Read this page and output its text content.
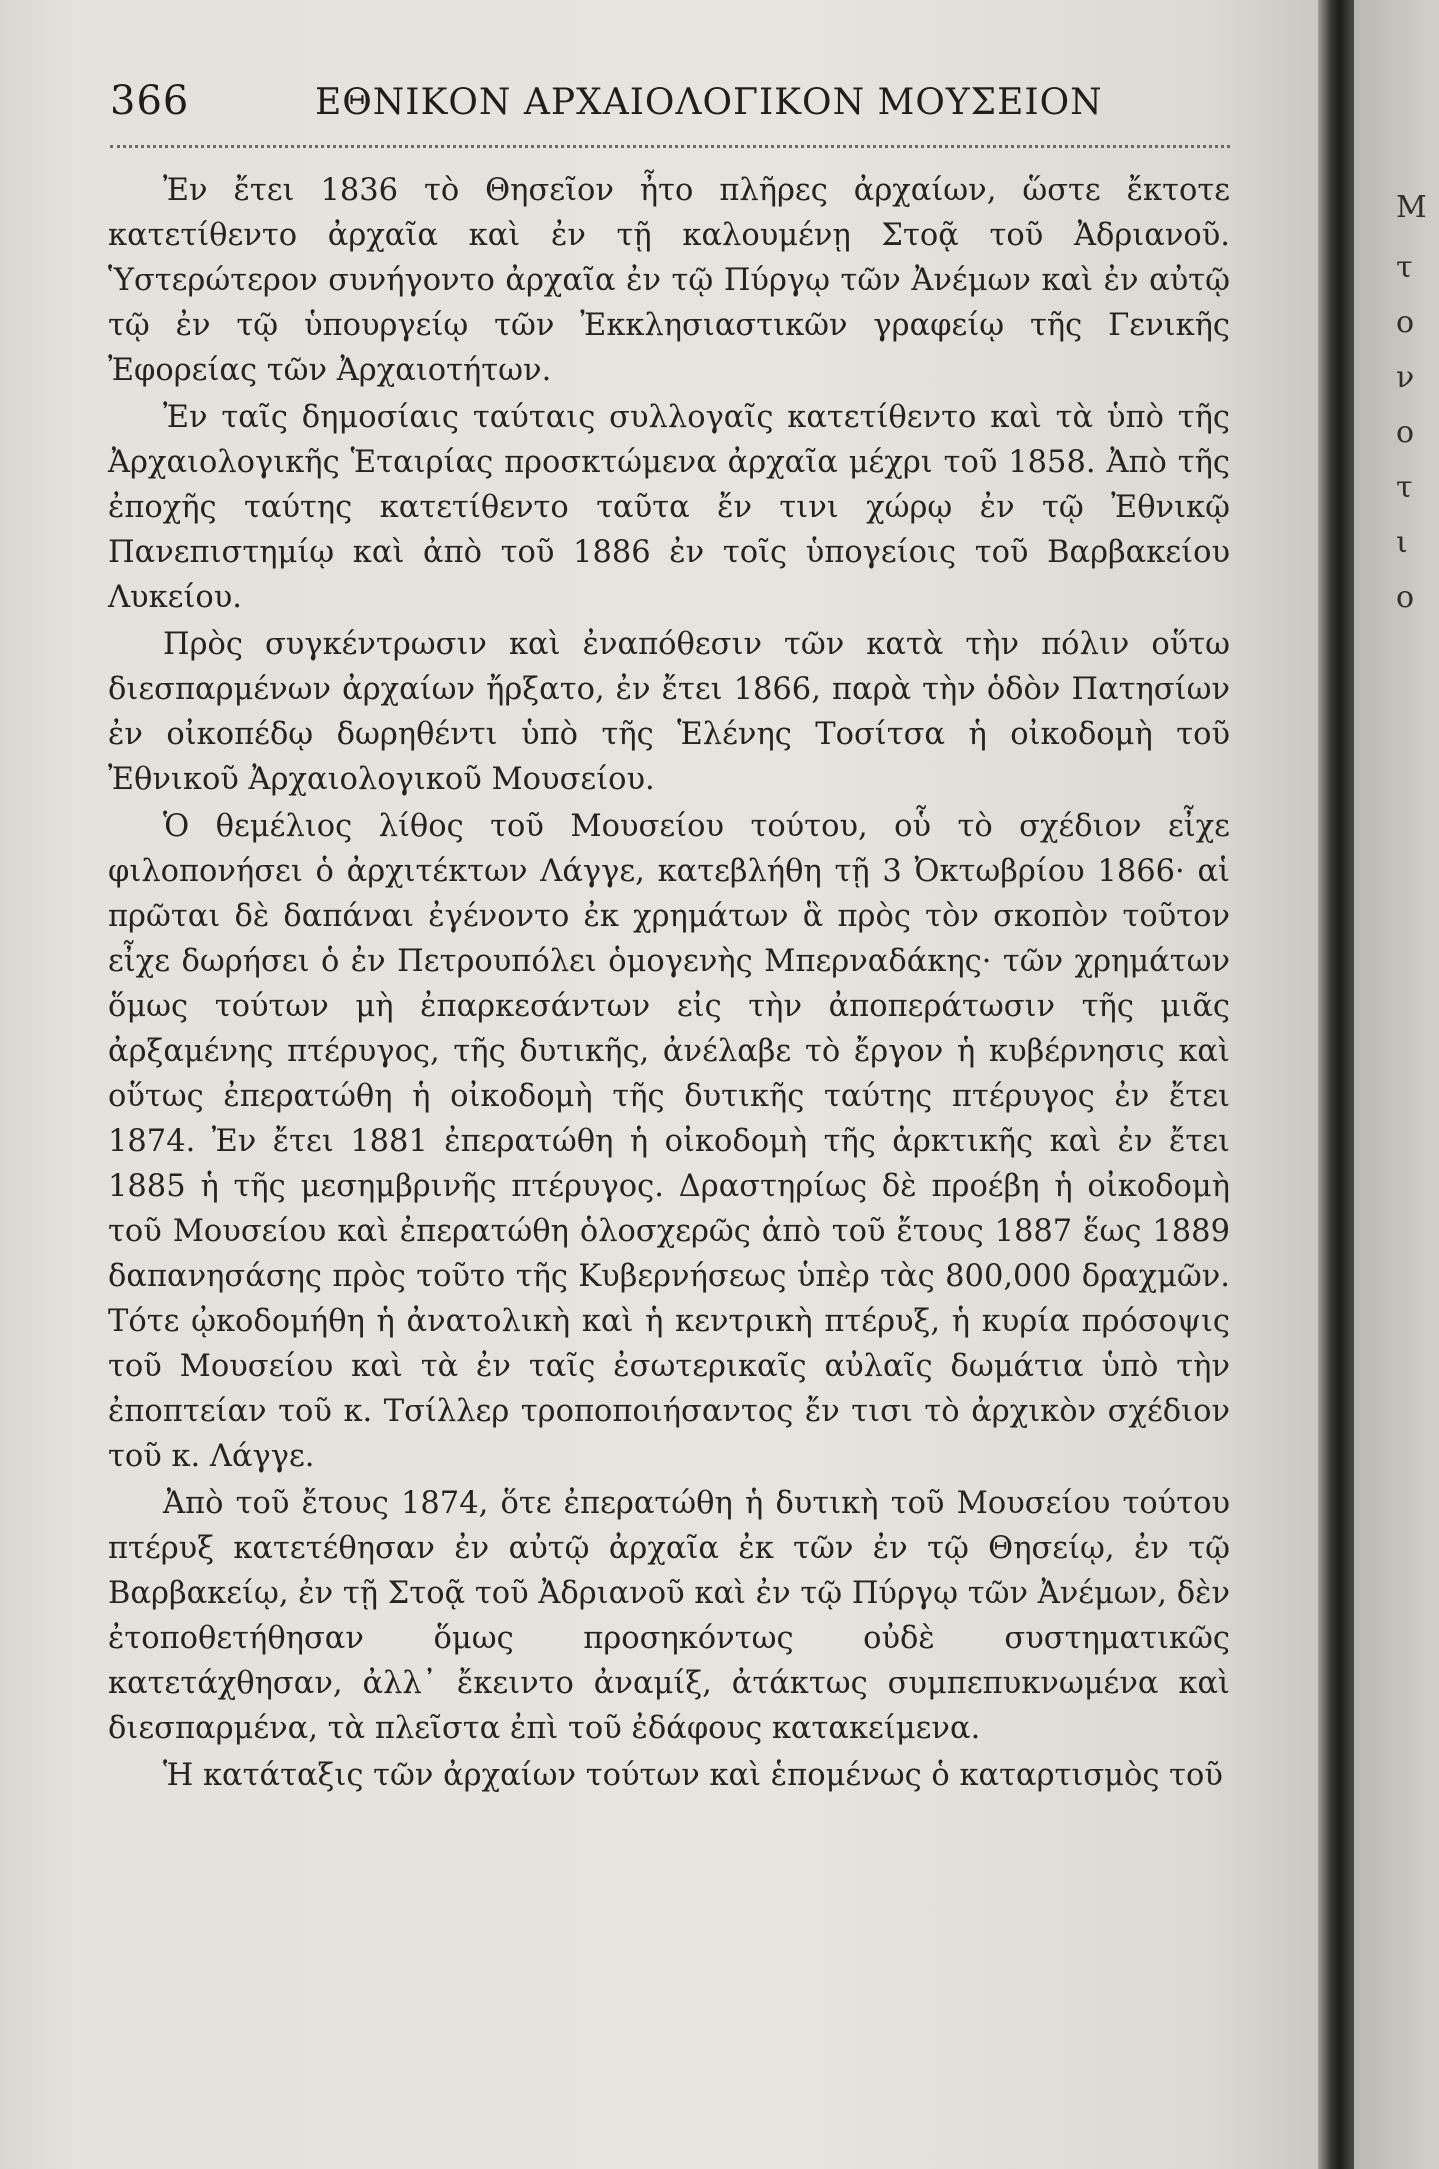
366	ΕΘΝΙΚΟΝ ΑΡΧΑΙΟΛΟΓΙΚΟΝ ΜΟΥΣΕΙΟΝ

Ἐν ἔτει 1836 τὸ Θησεῖον ἦτο πλῆρες ἀρχαίων, ὥστε ἔκτοτε κατετίθεντο ἀρχαῖα καὶ ἐν τῇ καλουμένῃ Στοᾷ τοῦ Ἀδριανοῦ. Ὑστερώτερον συνήγοντο ἀρχαῖα ἐν τῷ Πύργῳ τῶν Ἀνέμων καὶ ἐν αὐτῷ τῷ ἐν τῷ ὑπουργείῳ τῶν Ἐκκλησιαστικῶν γραφείῳ τῆς Γενικῆς Ἐφορείας τῶν Ἀρχαιοτήτων.

Ἐν ταῖς δημοσίαις ταύταις συλλογαῖς κατετίθεντο καὶ τὰ ὑπὸ τῆς Ἀρχαιολογικῆς Ἑταιρίας προσκτώμενα ἀρχαῖα μέχρι τοῦ 1858. Ἀπὸ τῆς ἐποχῆς ταύτης κατετίθεντο ταῦτα ἔν τινι χώρῳ ἐν τῷ Ἐθνικῷ Πανεπιστημίῳ καὶ ἀπὸ τοῦ 1886 ἐν τοῖς ὑπογείοις τοῦ Βαρβακείου Λυκείου.

Πρὸς συγκέντρωσιν καὶ ἐναπόθεσιν τῶν κατὰ τὴν πόλιν οὕτω διεσπαρμένων ἀρχαίων ἤρξατο, ἐν ἔτει 1866, παρὰ τὴν ὁδὸν Πατησίων ἐν οἰκοπέδῳ δωρηθέντι ὑπὸ τῆς Ἑλένης Τοσίτσα ἡ οἰκοδομὴ τοῦ Ἐθνικοῦ Ἀρχαιολογικοῦ Μουσείου.

Ὁ θεμέλιος λίθος τοῦ Μουσείου τούτου, οὗ τὸ σχέδιον εἶχε φιλοπονήσει ὁ ἀρχιτέκτων Λάγγε, κατεβλήθη τῇ 3 Ὀκτωβρίου 1866· αἱ πρῶται δὲ δαπάναι ἐγένοντο ἐκ χρημάτων ἃ πρὸς τὸν σκοπὸν τοῦτον εἶχε δωρήσει ὁ ἐν Πετρουπόλει ὁμογενὴς Μπερναδάκης· τῶν χρημάτων ὅμως τούτων μὴ ἐπαρκεσάντων εἰς τὴν ἀποπεράτωσιν τῆς μιᾶς ἀρξαμένης πτέρυγος, τῆς δυτικῆς, ἀνέλαβε τὸ ἔργον ἡ κυβέρνησις καὶ οὕτως ἐπερατώθη ἡ οἰκοδομὴ τῆς δυτικῆς ταύτης πτέρυγος ἐν ἔτει 1874. Ἐν ἔτει 1881 ἐπερατώθη ἡ οἰκοδομὴ τῆς ἀρκτικῆς καὶ ἐν ἔτει 1885 ἡ τῆς μεσημβρινῆς πτέρυγος. Δραστηρίως δὲ προέβη ἡ οἰκοδομὴ τοῦ Μουσείου καὶ ἐπερατώθη ὁλοσχερῶς ἀπὸ τοῦ ἔτους 1887 ἕως 1889 δαπανησάσης πρὸς τοῦτο τῆς Κυβερνήσεως ὑπὲρ τὰς 800,000 δραχμῶν. Τότε ᾠκοδομήθη ἡ ἀνατολικὴ καὶ ἡ κεντρικὴ πτέρυξ, ἡ κυρία πρόσοψις τοῦ Μουσείου καὶ τὰ ἐν ταῖς ἐσωτερικαῖς αὐλαῖς δωμάτια ὑπὸ τὴν ἐποπτείαν τοῦ κ. Τσίλλερ τροποποιήσαντος ἔν τισι τὸ ἀρχικὸν σχέδιον τοῦ κ. Λάγγε.

Ἀπὸ τοῦ ἔτους 1874, ὅτε ἐπερατώθη ἡ δυτικὴ τοῦ Μουσείου τούτου πτέρυξ κατετέθησαν ἐν αὐτῷ ἀρχαῖα ἐκ τῶν ἐν τῷ Θησείῳ, ἐν τῷ Βαρβακείῳ, ἐν τῇ Στοᾷ τοῦ Ἀδριανοῦ καὶ ἐν τῷ Πύργῳ τῶν Ἀνέμων, δὲν ἐτοποθετήθησαν ὅμως προσηκόντως οὐδὲ συστηματικῶς κατετάχθησαν, ἀλλ᾽ ἔκειντο ἀναμίξ, ἀτάκτως συμπεπυκνωμένα καὶ διεσπαρμένα, τὰ πλεῖστα ἐπὶ τοῦ ἐδάφους κατακείμενα.

Ἡ κατάταξις τῶν ἀρχαίων τούτων καὶ ἑπομένως ὁ καταρτισμὸς τοῦ

Μ
τ
ο
ν
ο
τ
ι
ο
